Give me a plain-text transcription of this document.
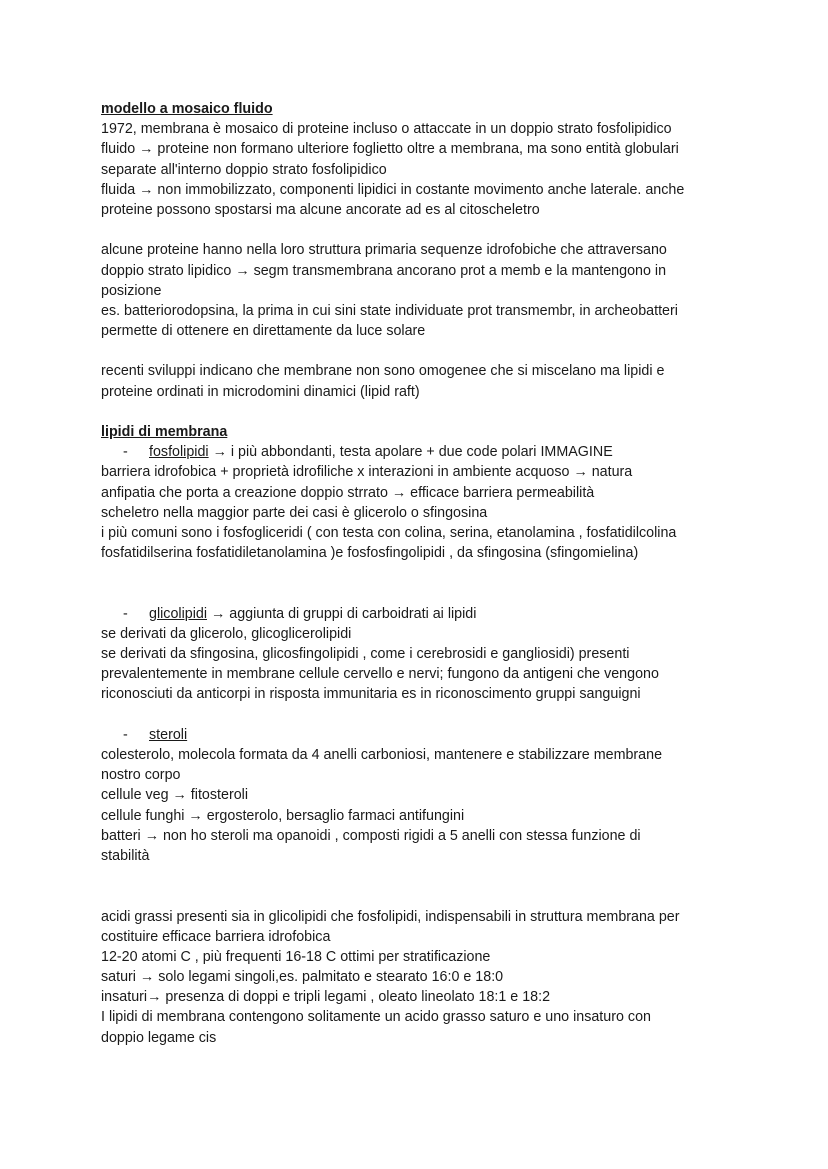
modello a mosaico fluido
1972, membrana è mosaico di proteine incluso o attaccate in un doppio strato fosfolipidico
fluido → proteine non formano ulteriore foglietto oltre a membrana, ma sono entità globulari
separate all'interno doppio strato fosfolipidico
fluida → non immobilizzato, componenti lipidici in costante movimento anche laterale. anche
proteine possono spostarsi ma alcune ancorate ad es al citoscheletro
alcune proteine hanno nella loro struttura primaria sequenze idrofobiche che attraversano
doppio strato lipidico → segm transmembrana ancorano prot a memb e la mantengono in
posizione
es. batteriorodopsina, la prima in cui sini state individuate prot transmembr, in archeobatteri
permette di ottenere en direttamente da luce solare
recenti sviluppi indicano che membrane non sono omogenee che si miscelano ma lipidi e
proteine ordinati in microdomini dinamici (lipid raft)
lipidi di membrana
- fosfolipidi → i più abbondanti, testa apolare + due code polari IMMAGINE
barriera idrofobica + proprietà idrofiliche x interazioni in ambiente acquoso → natura
anfipatia che porta a creazione doppio strrato → efficace barriera permeabilità
scheletro nella maggior parte dei casi è glicerolo o sfingosina
i più comuni sono i fosfogliceridi ( con testa con colina, serina, etanolamina , fosfatidilcolina
fosfatidilserina fosfatidiletanolamina )e fosfosfingolipidi , da sfingosina (sfingomielina)
- glicolipidi → aggiunta di gruppi di carboidrati ai lipidi
se derivati da glicerolo, glicoglicerolipidi
se derivati da sfingosina, glicosfingolipidi , come i cerebrosidi e gangliosidi) presenti
prevalentemente in membrane cellule cervello e nervi; fungono da antigeni che vengono
riconosciuti da anticorpi in risposta immunitaria es in riconoscimento gruppi sanguigni
- steroli
colesterolo, molecola formata da 4 anelli carboniosi, mantenere e stabilizzare membrane
nostro corpo
cellule veg → fitosteroli
cellule funghi → ergosterolo, bersaglio farmaci antifungini
batteri → non ho steroli ma opanoidi , composti rigidi a 5 anelli con stessa funzione di
stabilità
acidi grassi presenti sia in glicolipidi che fosfolipidi, indispensabili in struttura membrana per
costituire efficace barriera idrofobica
12-20 atomi C , più frequenti 16-18 C ottimi per stratificazione
saturi → solo legami singoli,es. palmitato e stearato 16:0 e 18:0
insaturi→ presenza di doppi e tripli legami , oleato lineolato 18:1 e 18:2
I lipidi di membrana contengono solitamente un acido grasso saturo e uno insaturo con
doppio legame cis
